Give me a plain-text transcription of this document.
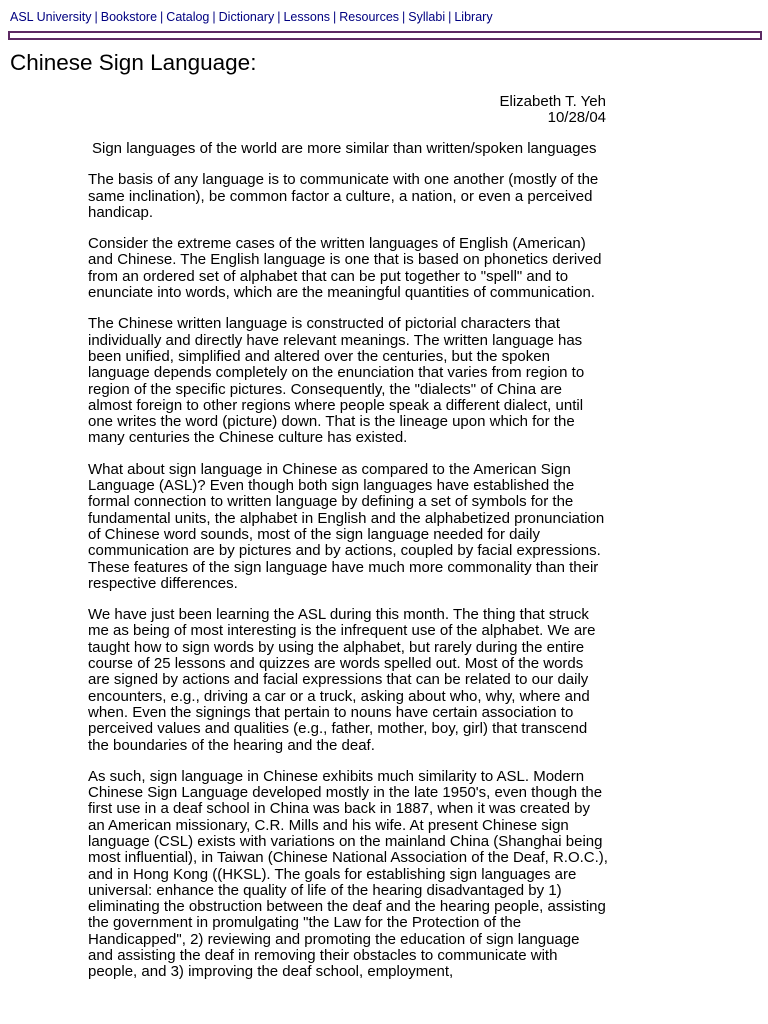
ASL University | Bookstore | Catalog | Dictionary | Lessons | Resources | Syllabi | Library
Chinese Sign Language:
Elizabeth T. Yeh
10/28/04

Sign languages of the world are more similar than written/spoken languages

The basis of any language is to communicate with one another (mostly of the same inclination), be common factor a culture, a nation, or even a perceived handicap.

Consider the extreme cases of the written languages of English (American) and Chinese. The English language is one that is based on phonetics derived from an ordered set of alphabet that can be put together to "spell" and to enunciate into words, which are the meaningful quantities of communication.

The Chinese written language is constructed of pictorial characters that individually and directly have relevant meanings. The written language has been unified, simplified and altered over the centuries, but the spoken language depends completely on the enunciation that varies from region to region of the specific pictures. Consequently, the "dialects" of China are almost foreign to other regions where people speak a different dialect, until one writes the word (picture) down. That is the lineage upon which for the many centuries the Chinese culture has existed.

What about sign language in Chinese as compared to the American Sign Language (ASL)? Even though both sign languages have established the formal connection to written language by defining a set of symbols for the fundamental units, the alphabet in English and the alphabetized pronunciation of Chinese word sounds, most of the sign language needed for daily communication are by pictures and by actions, coupled by facial expressions. These features of the sign language have much more commonality than their respective differences.

We have just been learning the ASL during this month. The thing that struck me as being of most interesting is the infrequent use of the alphabet. We are taught how to sign words by using the alphabet, but rarely during the entire course of 25 lessons and quizzes are words spelled out. Most of the words are signed by actions and facial expressions that can be related to our daily encounters, e.g., driving a car or a truck, asking about who, why, where and when. Even the signings that pertain to nouns have certain association to perceived values and qualities (e.g., father, mother, boy, girl) that transcend the boundaries of the hearing and the deaf.

As such, sign language in Chinese exhibits much similarity to ASL. Modern Chinese Sign Language developed mostly in the late 1950's, even though the first use in a deaf school in China was back in 1887, when it was created by an American missionary, C.R. Mills and his wife. At present Chinese sign language (CSL) exists with variations on the mainland China (Shanghai being most influential), in Taiwan (Chinese National Association of the Deaf, R.O.C.), and in Hong Kong ((HKSL). The goals for establishing sign languages are universal: enhance the quality of life of the hearing disadvantaged by 1) eliminating the obstruction between the deaf and the hearing people, assisting the government in promulgating "the Law for the Protection of the Handicapped", 2) reviewing and promoting the education of sign language and assisting the deaf in removing their obstacles to communicate with people, and 3) improving the deaf school, employment,
